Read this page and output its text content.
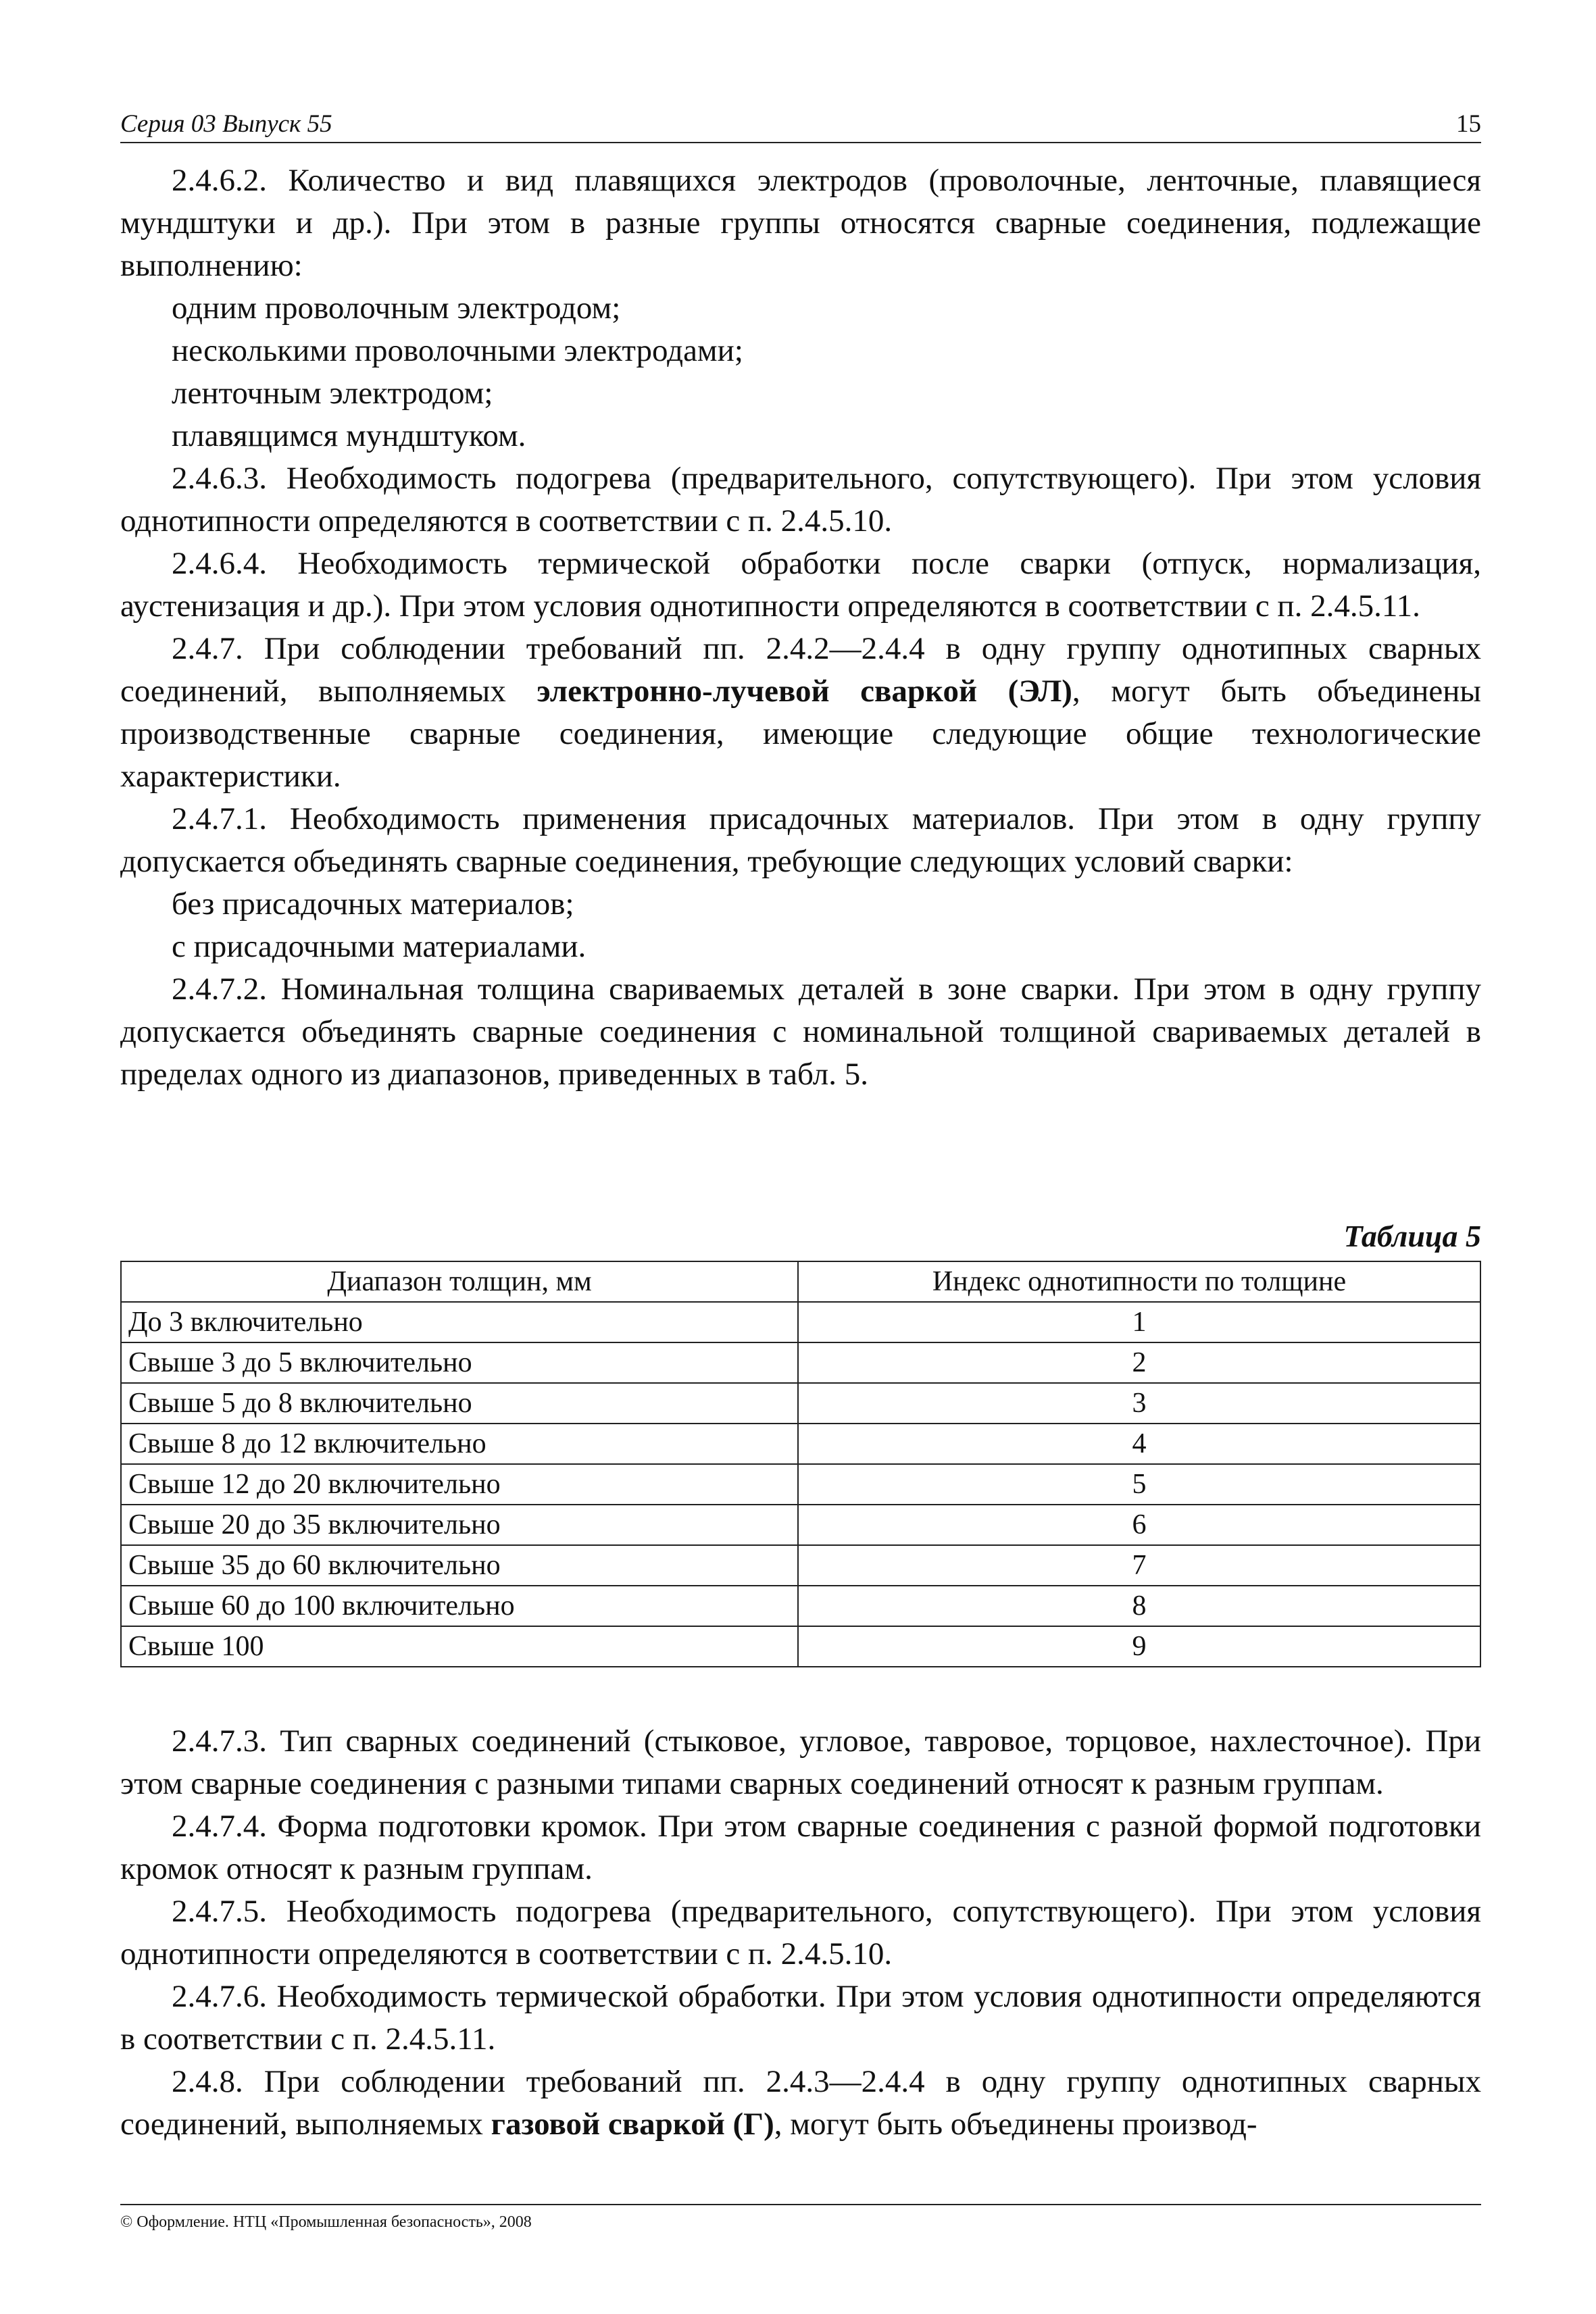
Серия 03 Выпуск 55	15

2.4.6.2. Количество и вид плавящихся электродов (проволочные, ленточные, плавящиеся мундштуки и др.). При этом в разные группы относятся сварные соединения, подлежащие выполнению:

одним проволочным электродом;

несколькими проволочными электродами;

ленточным электродом;

плавящимся мундштуком.

2.4.6.3. Необходимость подогрева (предварительного, сопутствующего). При этом условия однотипности определяются в соответствии с п. 2.4.5.10.

2.4.6.4. Необходимость термической обработки после сварки (отпуск, нормализация, аустенизация и др.). При этом условия однотипности определяются в соответствии с п. 2.4.5.11.

2.4.7. При соблюдении требований пп. 2.4.2—2.4.4 в одну группу однотипных сварных соединений, выполняемых электронно-лучевой сваркой (ЭЛ), могут быть объединены производственные сварные соединения, имеющие следующие общие технологические характеристики.

2.4.7.1. Необходимость применения присадочных материалов. При этом в одну группу допускается объединять сварные соединения, требующие следующих условий сварки:

без присадочных материалов;

с присадочными материалами.

2.4.7.2. Номинальная толщина свариваемых деталей в зоне сварки. При этом в одну группу допускается объединять сварные соединения с номинальной толщиной свариваемых деталей в пределах одного из диапазонов, приведенных в табл. 5.

Таблица 5
Диапазон толщин, мм	Индекс однотипности по толщине
До 3 включительно	1
Свыше 3 до 5 включительно	2
Свыше 5 до 8 включительно	3
Свыше 8 до 12 включительно	4
Свыше 12 до 20 включительно	5
Свыше 20 до 35 включительно	6
Свыше 35 до 60 включительно	7
Свыше 60 до 100 включительно	8
Свыше 100	9

2.4.7.3. Тип сварных соединений (стыковое, угловое, тавровое, торцовое, нахлесточное). При этом сварные соединения с разными типами сварных соединений относят к разным группам.

2.4.7.4. Форма подготовки кромок. При этом сварные соединения с разной формой подготовки кромок относят к разным группам.

2.4.7.5. Необходимость подогрева (предварительного, сопутствующего). При этом условия однотипности определяются в соответствии с п. 2.4.5.10.

2.4.7.6. Необходимость термической обработки. При этом условия однотипности определяются в соответствии с п. 2.4.5.11.

2.4.8. При соблюдении требований пп. 2.4.3—2.4.4 в одну группу однотипных сварных соединений, выполняемых газовой сваркой (Г), могут быть объединены производ-

© Оформление. НТЦ «Промышленная безопасность», 2008
